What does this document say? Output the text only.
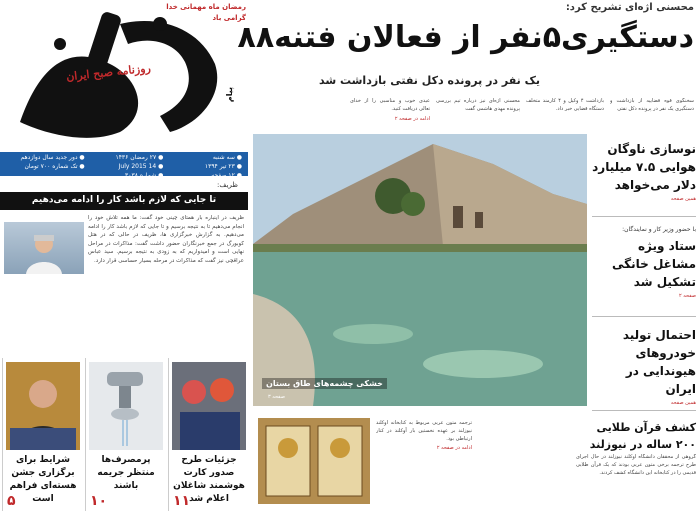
رمضان ماه مهمانی خدا
گرامی باد
پیام
روزنامه صبح ایران
● سه شنبه
● ۲۷ رمضان ۱۴۳۶
● دور جدید سال دوازدهم
● ۲۳ تیر ۱۳۹۴
● 14 July 2015
● تک شماره ۷۰۰ تومان
● ۱۲ صفحه
● شماره ۳۰۳۸
محسنی اژه‌ای تشریح کرد:
دستگیری۵نفر از فعالان فتنه۸۸
یک نفر در پرونده دکل نفتی بازداشت شد
سخنگوی قوه قضاییه از بازداشت و دستگیری یک نفر در پرونده دکل نفتی
بازداشت ۴ وکیل و ۴ کارمند متخلف دستگاه قضایی خبر داد.
محسنی اژه‌ای نیز درباره تیم بررسی پرونده مهدی هاشمی گفت
عیدی خوب و مناسبی را از خدای تعالی دریافت کنید.
ادامه در صفحه ۲
ظریف:
تا جایی که لازم باشد کار را ادامه می‌دهیم
ظریف در اینباره بار همتای چینی خود گفت: ما همه تلاش خود را انجام می‌دهیم تا به نتیجه برسیم و تا جایی که لازم باشد کار را ادامه می‌دهیم. به گزارش خبرگزاری ها، ظریف در حالی که در هتل کوبورگ در جمع خبرنگاران حضور داشت گفت: مذاکرات در مراحل نهایی است و امیدواریم که به زودی به نتیجه برسیم. سید عباس عراقچی نیز گفت که مذاکرات در مرحله بسیار حساسی قرار دارد.
جزئیات طرح صدور کارت هوشمند شاغلان اعلام شد
۱۱
پرمصرف‌ها منتظر جریمه باشند
۱۰
شرایط برای برگزاری جشن هسته‌ای فراهم است
۵
خشکی چشمه‌های طاق بستان
صفحه ۳
نوسازی ناوگان هوایی ۷.۵ میلیارد دلار می‌خواهد
همین صفحه
با حضور وزیر کار و نمایندگان:
ستاد ویژه مشاغل خانگی تشکیل شد
صفحه ۲
احتمال تولید خودروهای هیوندایی در ایران
همین صفحه
کشف قرآن طلایی ۲۰۰ ساله در نیوزلند
گروهی از محققان دانشگاه آوکلند نیوزلند در حال اجرای طرح ترجمه برخی متون عربی بودند که یک قرآن طلایی قدیمی را در کتابخانه این دانشگاه کشف کردند.
ترجمه متون عربی مربوط به کتابخانه آوکلند نیوزلند بر عهده نخستین بار آوکلند در کنار ارتباطی بود.
ادامه در صفحه ۲
